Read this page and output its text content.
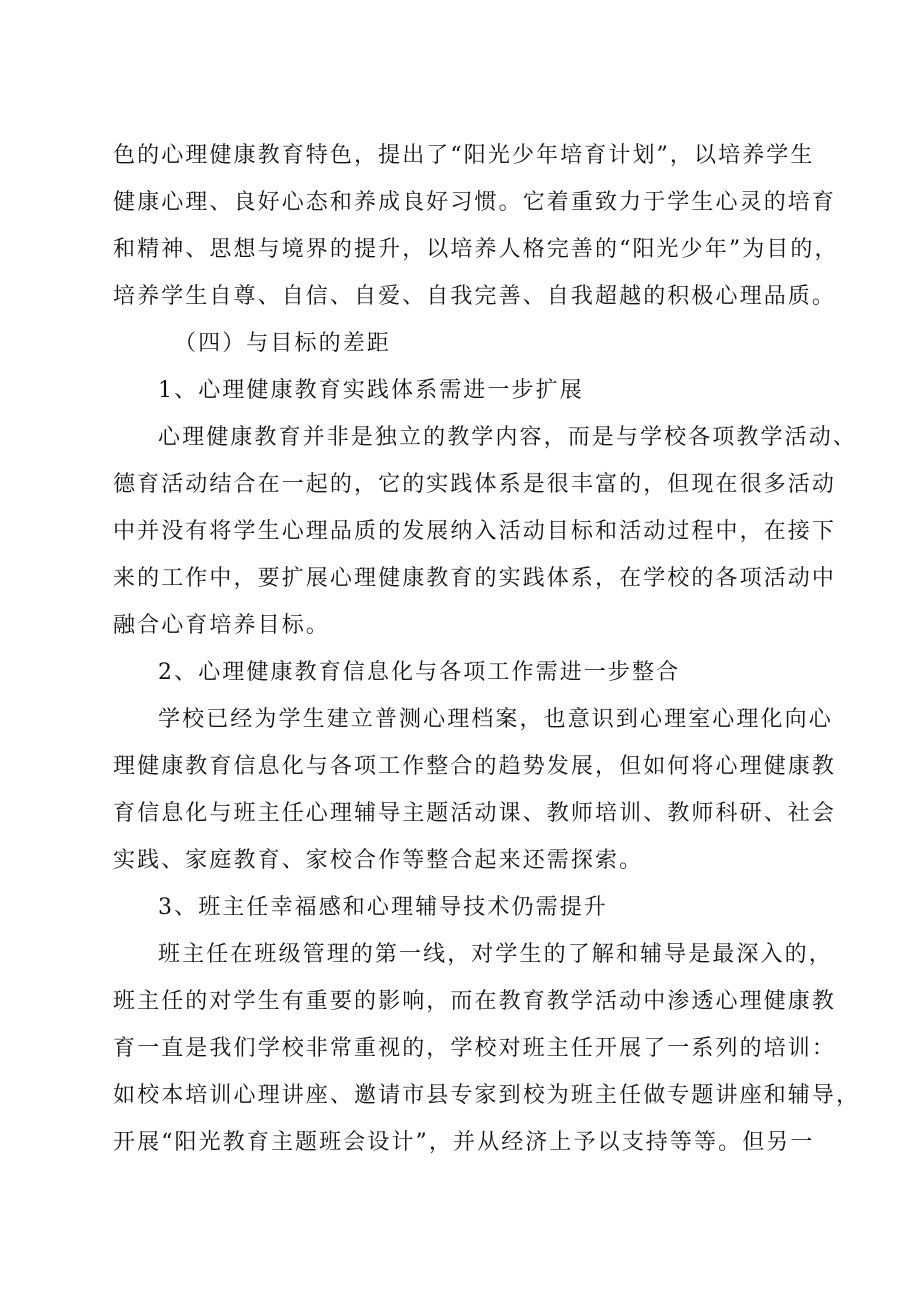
色的心理健康教育特色，提出了“阳光少年培育计划”，以培养学生
健康心理、良好心态和养成良好习惯。它着重致力于学生心灵的培育
和精神、思想与境界的提升，以培养人格完善的“阳光少年”为目的，
培养学生自尊、自信、自爱、自我完善、自我超越的积极心理品质。
（四）与目标的差距
1、心理健康教育实践体系需进一步扩展
心理健康教育并非是独立的教学内容，而是与学校各项教学活动、
德育活动结合在一起的，它的实践体系是很丰富的，但现在很多活动
中并没有将学生心理品质的发展纳入活动目标和活动过程中，在接下
来的工作中，要扩展心理健康教育的实践体系，在学校的各项活动中
融合心育培养目标。
2、心理健康教育信息化与各项工作需进一步整合
学校已经为学生建立普测心理档案，也意识到心理室心理化向心
理健康教育信息化与各项工作整合的趋势发展，但如何将心理健康教
育信息化与班主任心理辅导主题活动课、教师培训、教师科研、社会
实践、家庭教育、家校合作等整合起来还需探索。
3、班主任幸福感和心理辅导技术仍需提升
班主任在班级管理的第一线，对学生的了解和辅导是最深入的，
班主任的对学生有重要的影响，而在教育教学活动中渗透心理健康教
育一直是我们学校非常重视的，学校对班主任开展了一系列的培训：
如校本培训心理讲座、邀请市县专家到校为班主任做专题讲座和辅导，
开展“阳光教育主题班会设计”，并从经济上予以支持等等。但另一
